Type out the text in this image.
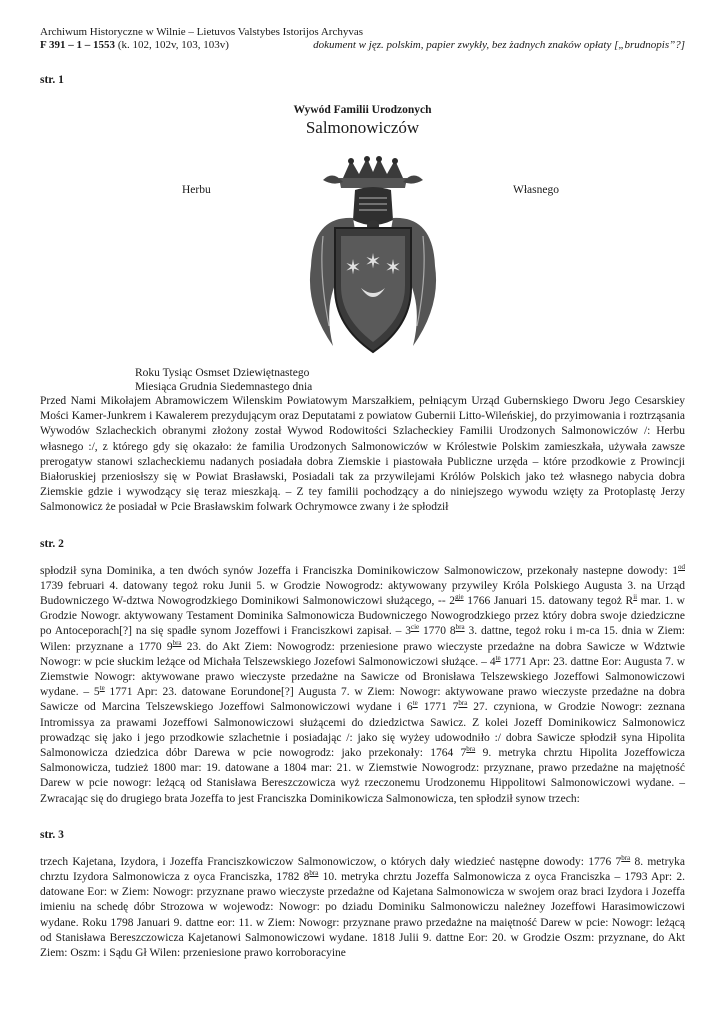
Archiwum Historyczne w Wilnie – Lietuvos Valstybes Istorijos Archyvas
F 391 – 1 – 1553 (k. 102, 102v, 103, 103v)	dokument w jęz. polskim, papier zwykły, bez żadnych znaków opłaty [„brudnopis”?]
str. 1
Wywód Familii Urodzonych
Salmonowiczów
Herbu	Własnego
✶ ✶
✶
Roku Tysiąc Osmset Dziewiętnastego
Miesiąca Grudnia Siedemnastego dnia
Przed Nami Mikołajem Abramowiczem Wilenskim Powiatowym Marszałkiem, pełniącym Urząd Gubernskiego Dworu Jego Cesarskiey Mości Kamer-Junkrem i Kawalerem prezydującym oraz Deputatami z powiatow Gubernii Litto-Wileńskiej, do przyimowania i roztrząsania Wywodów Szlacheckich obranymi złożony został Wywod Rodowitości Szlacheckiey Familii Urodzonych Salmonowiczów /: Herbu własnego :/, z którego gdy się okazało: że familia Urodzonych Salmonowiczów w Królestwie Polskim zamieszkała, używała zawsze prerogatyw stanowi szlacheckiemu nadanych posiadała dobra Ziemskie i piastowała Publiczne urzęda – które przodkowie z Prowincji Białoruskiej przeniosłszy się w Powiat Brasławski, Posiadali tak za przywilejami Królów Polskich jako też własnego nabycia dobra Ziemskie gdzie i wywodzący się teraz mieszkają. – Z tey familii pochodzący a do niniejszego wywodu wzięty za Protoplastę Jerzy Salmonowicz że posiadał w Pcie Brasławskim folwark Ochrymowce zwany i że spłodził
str. 2
spłodził syna Dominika, a ten dwóch synów Jozeffa i Franciszka Dominikowiczow Salmonowiczow, przekonały nastepne dowody: $1^{od}$ 1739 februari 4. datowany tegoż roku Junii 5. w Grodzie Nowogrodz: aktywowany przywiley Króla Polskiego Augusta 3. na Urząd Budowniczego W-dztwa Nowogrodzkiego Dominikowi Salmonowiczowi służącego, -- $2^{gie}$ 1766 Januari 15. datowany tegoż $R^{ii}$ mar. 1. w Grodzie Nowogr. aktywowany Testament Dominika Salmonowicza Budowniczego Nowogrodzkiego przez który dobra swoje dziedziczne po Antoceporach[?] na się spadłe synom Jozeffowi i Franciszkowi zapisał. – $3^{cie}$ 1770 $8^{bra}$ 3. dattne, tegoż roku i m-ca 15. dnia w Ziem: Wilen: przyznane a 1770 $9^{bra}$ 23. do Akt Ziem: Nowogrodz: przeniesione prawo wieczyste przedażne na dobra Sawicze w Wdztwie Nowogr: w pcie słuckim leżące od Michała Telszewskiego Jozefowi Salmonowiczowi służące. – $4^{te}$ 1771 Apr: 23. dattne Eor: Augusta 7. w Ziemstwie Nowogr: aktywowane prawo wieczyste przedażne na Sawicze od Bronisława Telszewskiego Jozeffowi Salmonowiczowi wydane. – $5^{te}$ 1771 Apr: 23. datowane Eorundone[?] Augusta 7. w Ziem: Nowogr: aktywowane prawo wieczyste przedażne na dobra Sawicze od Marcina Telszewskiego Jozeffowi Salmonowiczowi wydane i $6^{te}$ 1771 $7^{bra}$ 27. czyniona, w Grodzie Nowogr: zeznana Intromissya za prawami Jozeffowi Salmonowiczowi służącemi do dziedzictwa Sawicz. Z kolei Jozeff Dominikowicz Salmonowicz prowadząc się jako i jego przodkowie szlachetnie i posiadając /: jako się wyżey udowodniło :/ dobra Sawicze spłodził syna Hipolita Salmonowicza dziedzica dóbr Darewa w pcie nowogrodz: jako przekonały: 1764 $7^{bra}$ 9. metryka chrztu Hipolita Jozeffowicza Salmonowicza, tudzież 1800 mar: 19. datowane a 1804 mar: 21. w Ziemstwie Nowogrodz: przyznane, prawo przedażne na majętność Darew w pcie nowogr: leżącą od Stanisława Bereszczowicza wyż rzeczonemu Urodzonemu Hippolitowi Salmonowiczowi wydane. – Zwracając się do drugiego brata Jozeffa to jest Franciszka Dominikowicza Salmonowicza, ten spłodził synow trzech:
str. 3
trzech Kajetana, Izydora, i Jozeffa Franciszkowiczow Salmonowiczow, o których dały wiedzieć następne dowody: 1776 $7^{bra}$ 8. metryka chrztu Izydora Salmonowicza z oyca Franciszka, 1782 $8^{bra}$ 10. metryka chrztu Jozeffa Salmonowicza z oyca Franciszka – 1793 Apr: 2. datowane Eor: w Ziem: Nowogr: przyznane prawo wieczyste przedażne od Kajetana Salmonowicza w swojem oraz braci Izydora i Jozeffa imieniu na schedę dóbr Strozowa w wojewodz: Nowogr: po dziadu Dominiku Salmonowiczu należney Jozeffowi Harasimowiczowi wydane. Roku 1798 Januari 9. dattne eor: 11. w Ziem: Nowogr: przyznane prawo przedażne na maiętność Darew w pcie: Nowogr: leżącą od Stanisława Bereszczowicza Kajetanowi Salmonowiczowi wydane. 1818 Julii 9. dattne Eor: 20. w Grodzie Oszm: przyznane, do Akt Ziem: Oszm: i Sądu Gł Wilen: przeniesione prawo korroboracyine
